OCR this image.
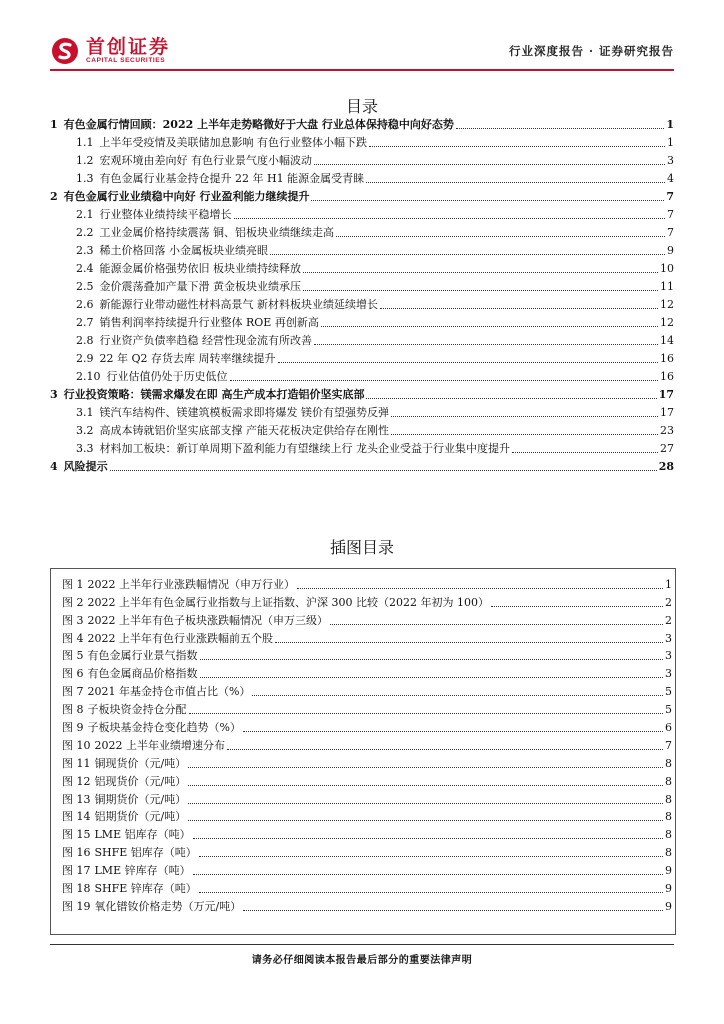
首创证券
CAPITAL SECURITIES
行业深度报告 · 证券研究报告
目录
1 有色金属行情回顾：2022 上半年走势略微好于大盘 行业总体保持稳中向好态势	1
1.1 上半年受疫情及美联储加息影响 有色行业整体小幅下跌	1
1.2 宏观环境由差向好 有色行业景气度小幅波动	3
1.3 有色金属行业基金持仓提升 22 年 H1 能源金属受青睐	4
2 有色金属行业业绩稳中向好 行业盈利能力继续提升	7
2.1 行业整体业绩持续平稳增长	7
2.2 工业金属价格持续震荡 铜、铝板块业绩继续走高	7
2.3 稀土价格回落 小金属板块业绩亮眼	9
2.4 能源金属价格强势依旧 板块业绩持续释放	10
2.5 金价震荡叠加产量下滑 黄金板块业绩承压	11
2.6 新能源行业带动磁性材料高景气 新材料板块业绩延续增长	12
2.7 销售利润率持续提升行业整体 ROE 再创新高	12
2.8 行业资产负债率趋稳 经营性现金流有所改善	14
2.9 22 年 Q2 存货去库 周转率继续提升	16
2.10 行业估值仍处于历史低位	16
3 行业投资策略：镁需求爆发在即 高生产成本打造铝价坚实底部	17
3.1 镁汽车结构件、镁建筑模板需求即将爆发 镁价有望强势反弹	17
3.2 高成本铸就铝价坚实底部支撑 产能天花板决定供给存在刚性	23
3.3 材料加工板块：新订单周期下盈利能力有望继续上行 龙头企业受益于行业集中度提升	27
4 风险提示	28
插图目录
图 1 2022 上半年行业涨跌幅情况（申万行业）	1
图 2 2022 上半年有色金属行业指数与上证指数、沪深 300 比较（2022 年初为 100）	2
图 3 2022 上半年有色子板块涨跌幅情况（申万三级）	2
图 4 2022 上半年有色行业涨跌幅前五个股	3
图 5 有色金属行业景气指数	3
图 6 有色金属商品价格指数	3
图 7 2021 年基金持仓市值占比（%）	5
图 8 子板块资金持仓分配	5
图 9 子板块基金持仓变化趋势（%）	6
图 10 2022 上半年业绩增速分布	7
图 11 铜现货价（元/吨）	8
图 12 铝现货价（元/吨）	8
图 13 铜期货价（元/吨）	8
图 14 铝期货价（元/吨）	8
图 15 LME 铝库存（吨）	8
图 16 SHFE 铝库存（吨）	8
图 17 LME 锌库存（吨）	9
图 18 SHFE 锌库存（吨）	9
图 19 氧化镨钕价格走势（万元/吨）	9
请务必仔细阅读本报告最后部分的重要法律声明
